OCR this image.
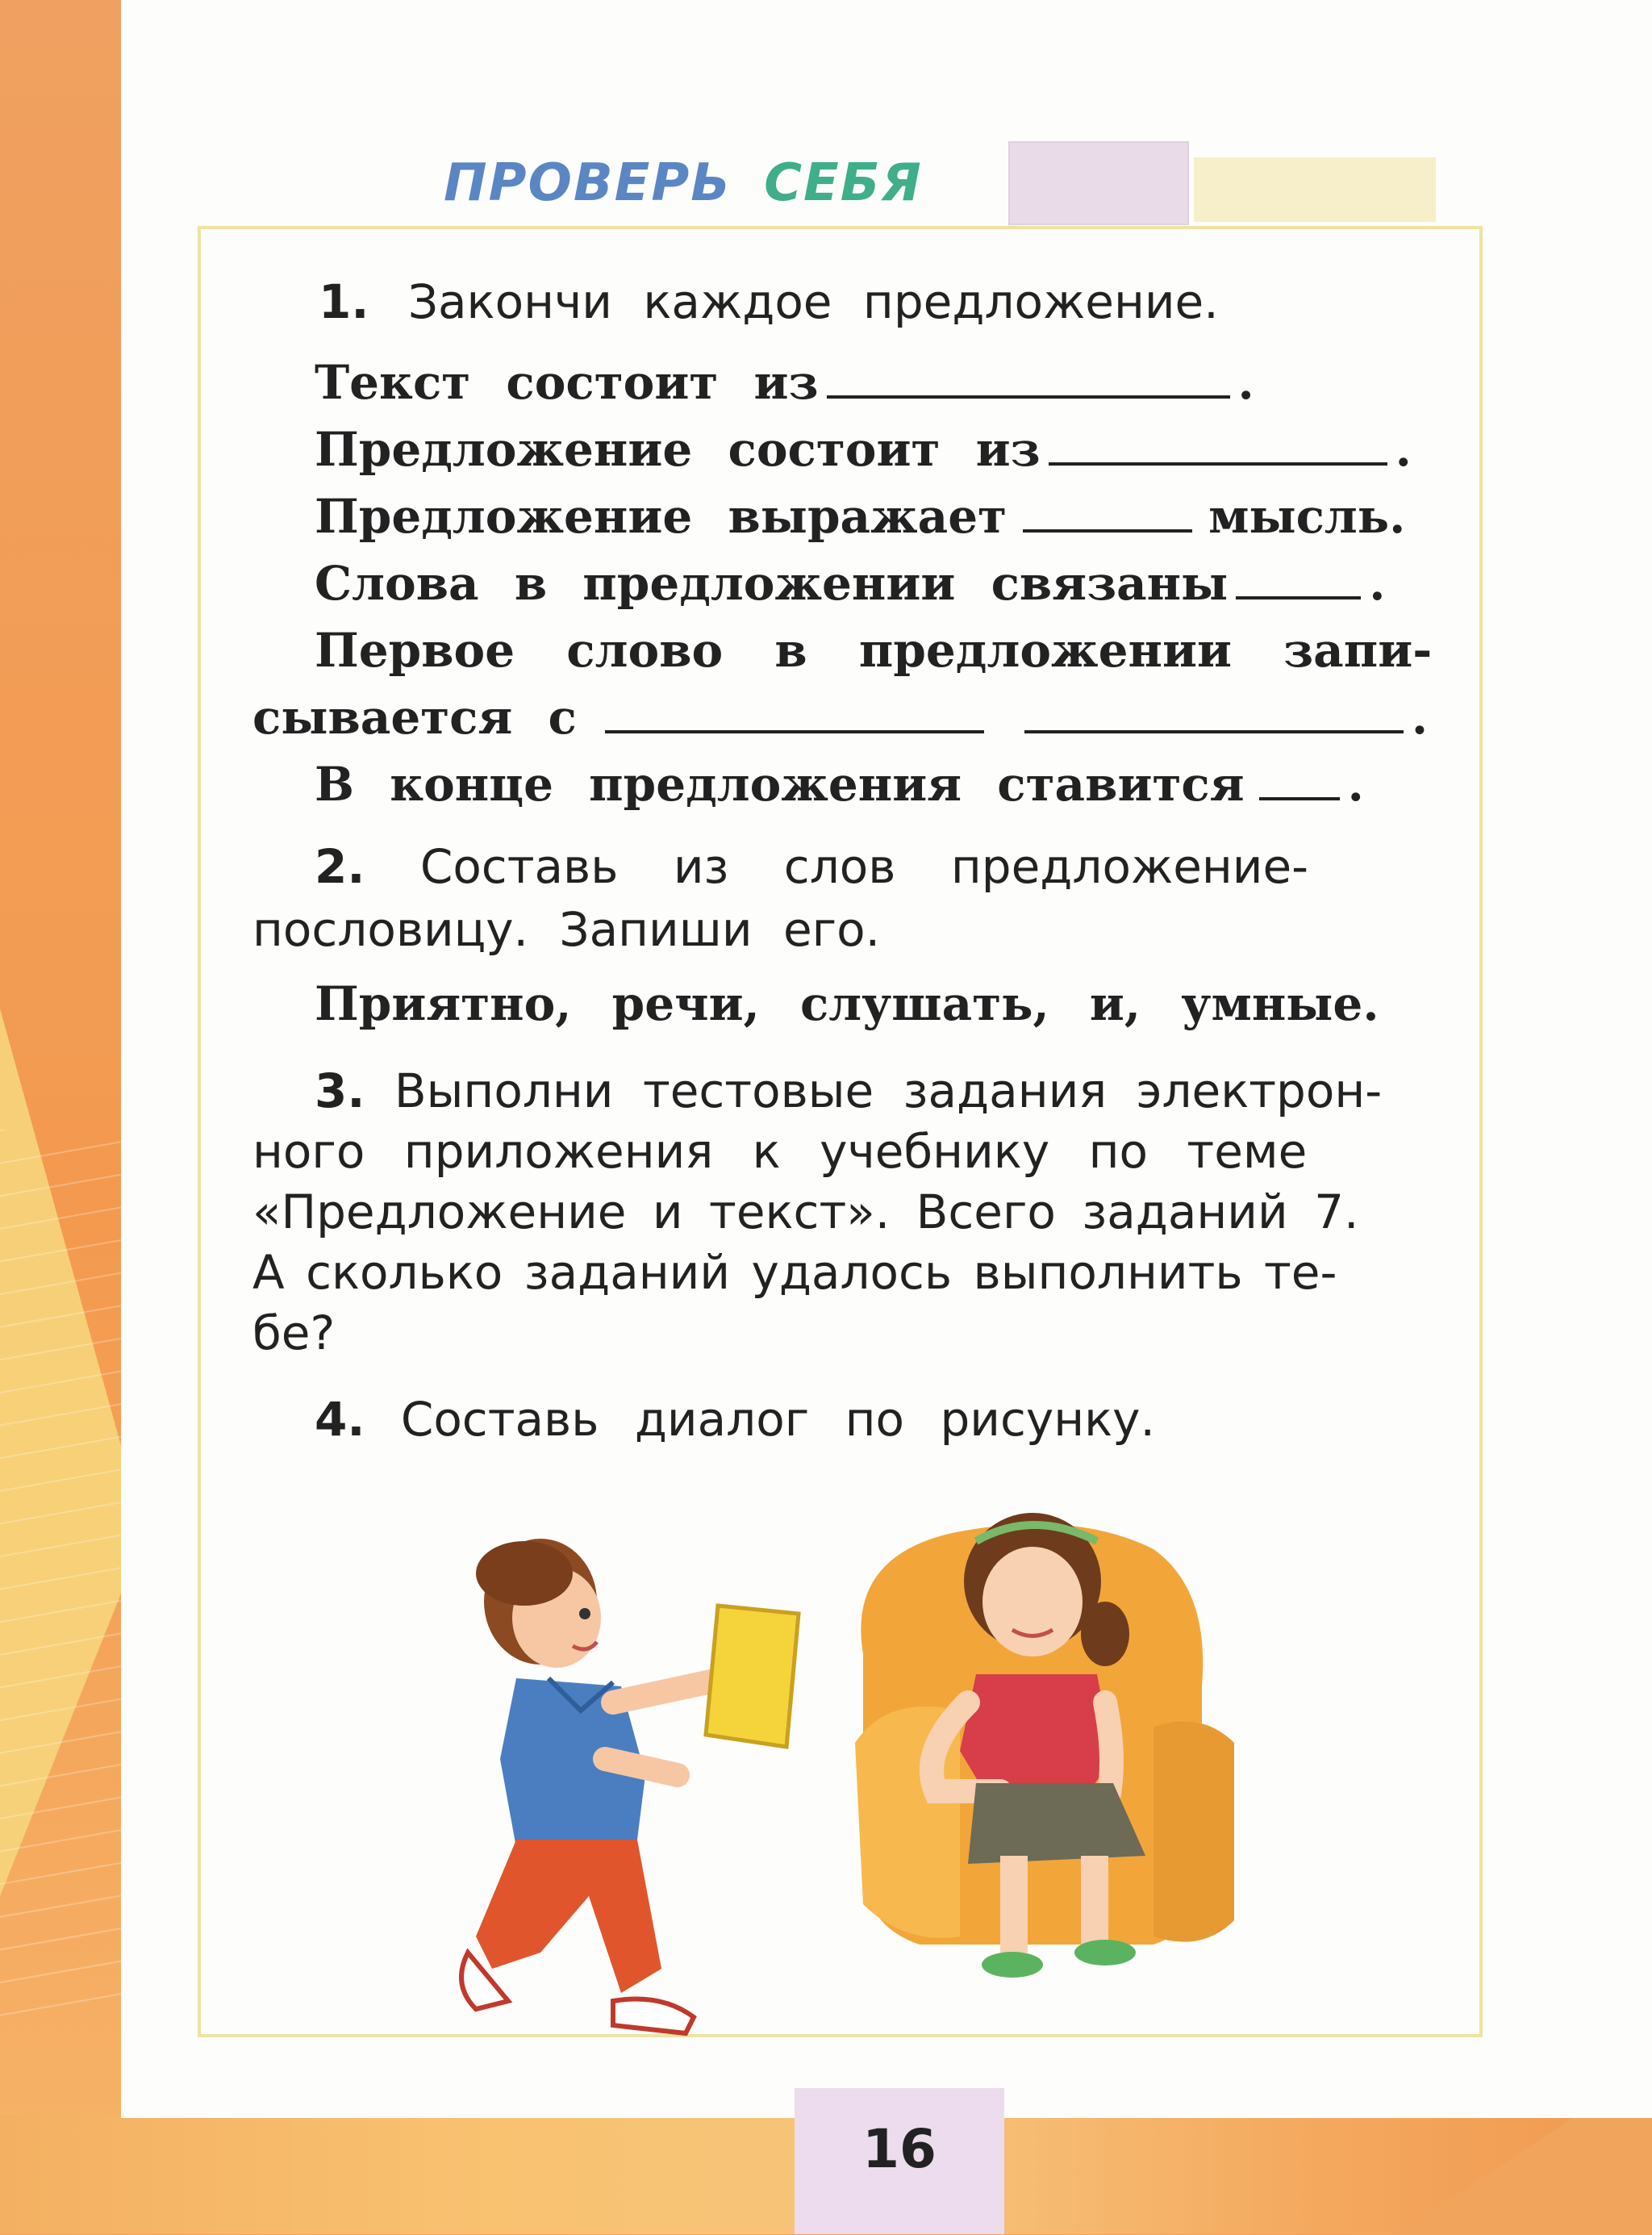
ПРОВЕРЬ СЕБЯ
1. Закончи каждое предложение.
Текст состоит из	.
Предложение состоит из	.
Предложение выражает	мысль.
Слова в предложении связаны	.
Первое слово в предложении запи-
сывается с	.
В конце предложения ставится .
2. Составь из слов предложение-
пословицу. Запиши его.
Приятно, речи, слушать, и, умные.
3. Выполни тестовые задания электрон-
ного приложения к учебнику по теме
«Предложение и текст». Всего заданий 7.
А сколько заданий удалось выполнить те-
бе?
4. Составь диалог по рисунку.
16
